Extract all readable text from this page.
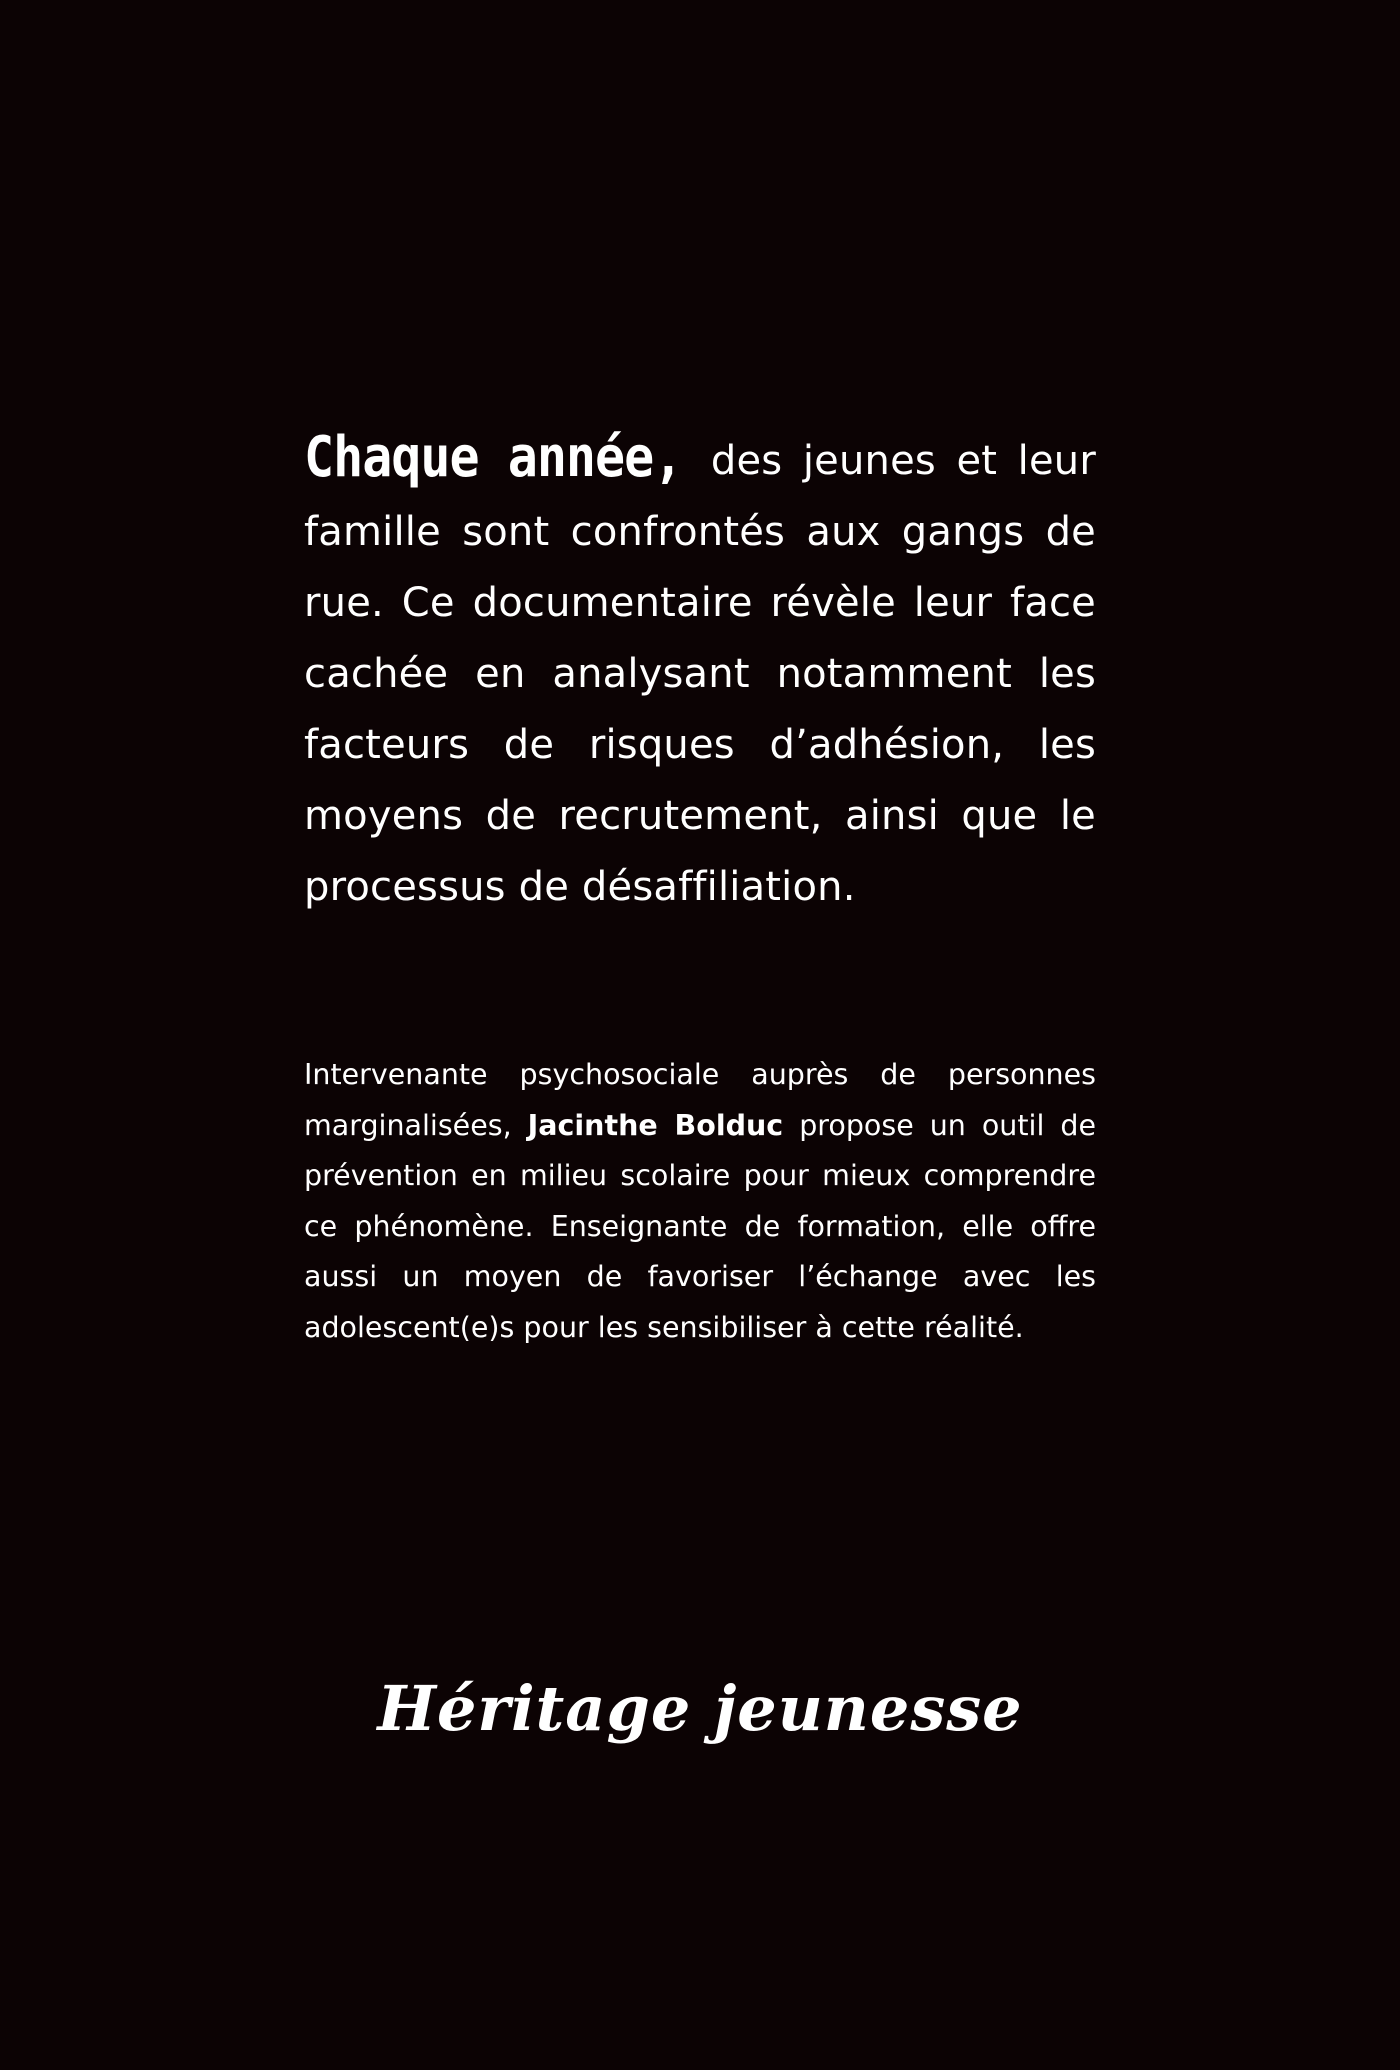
Chaque année, des jeunes et leur famille sont confrontés aux gangs de rue. Ce documentaire révèle leur face cachée en analysant notamment les facteurs de risques d’adhésion, les moyens de recrutement, ainsi que le processus de désaffiliation.

Intervenante psychosociale auprès de personnes marginalisées, Jacinthe Bolduc propose un outil de prévention en milieu scolaire pour mieux comprendre ce phénomène. Enseignante de formation, elle offre aussi un moyen de favoriser l’échange avec les adolescent(e)s pour les sensibiliser à cette réalité.

Héritage jeunesse
